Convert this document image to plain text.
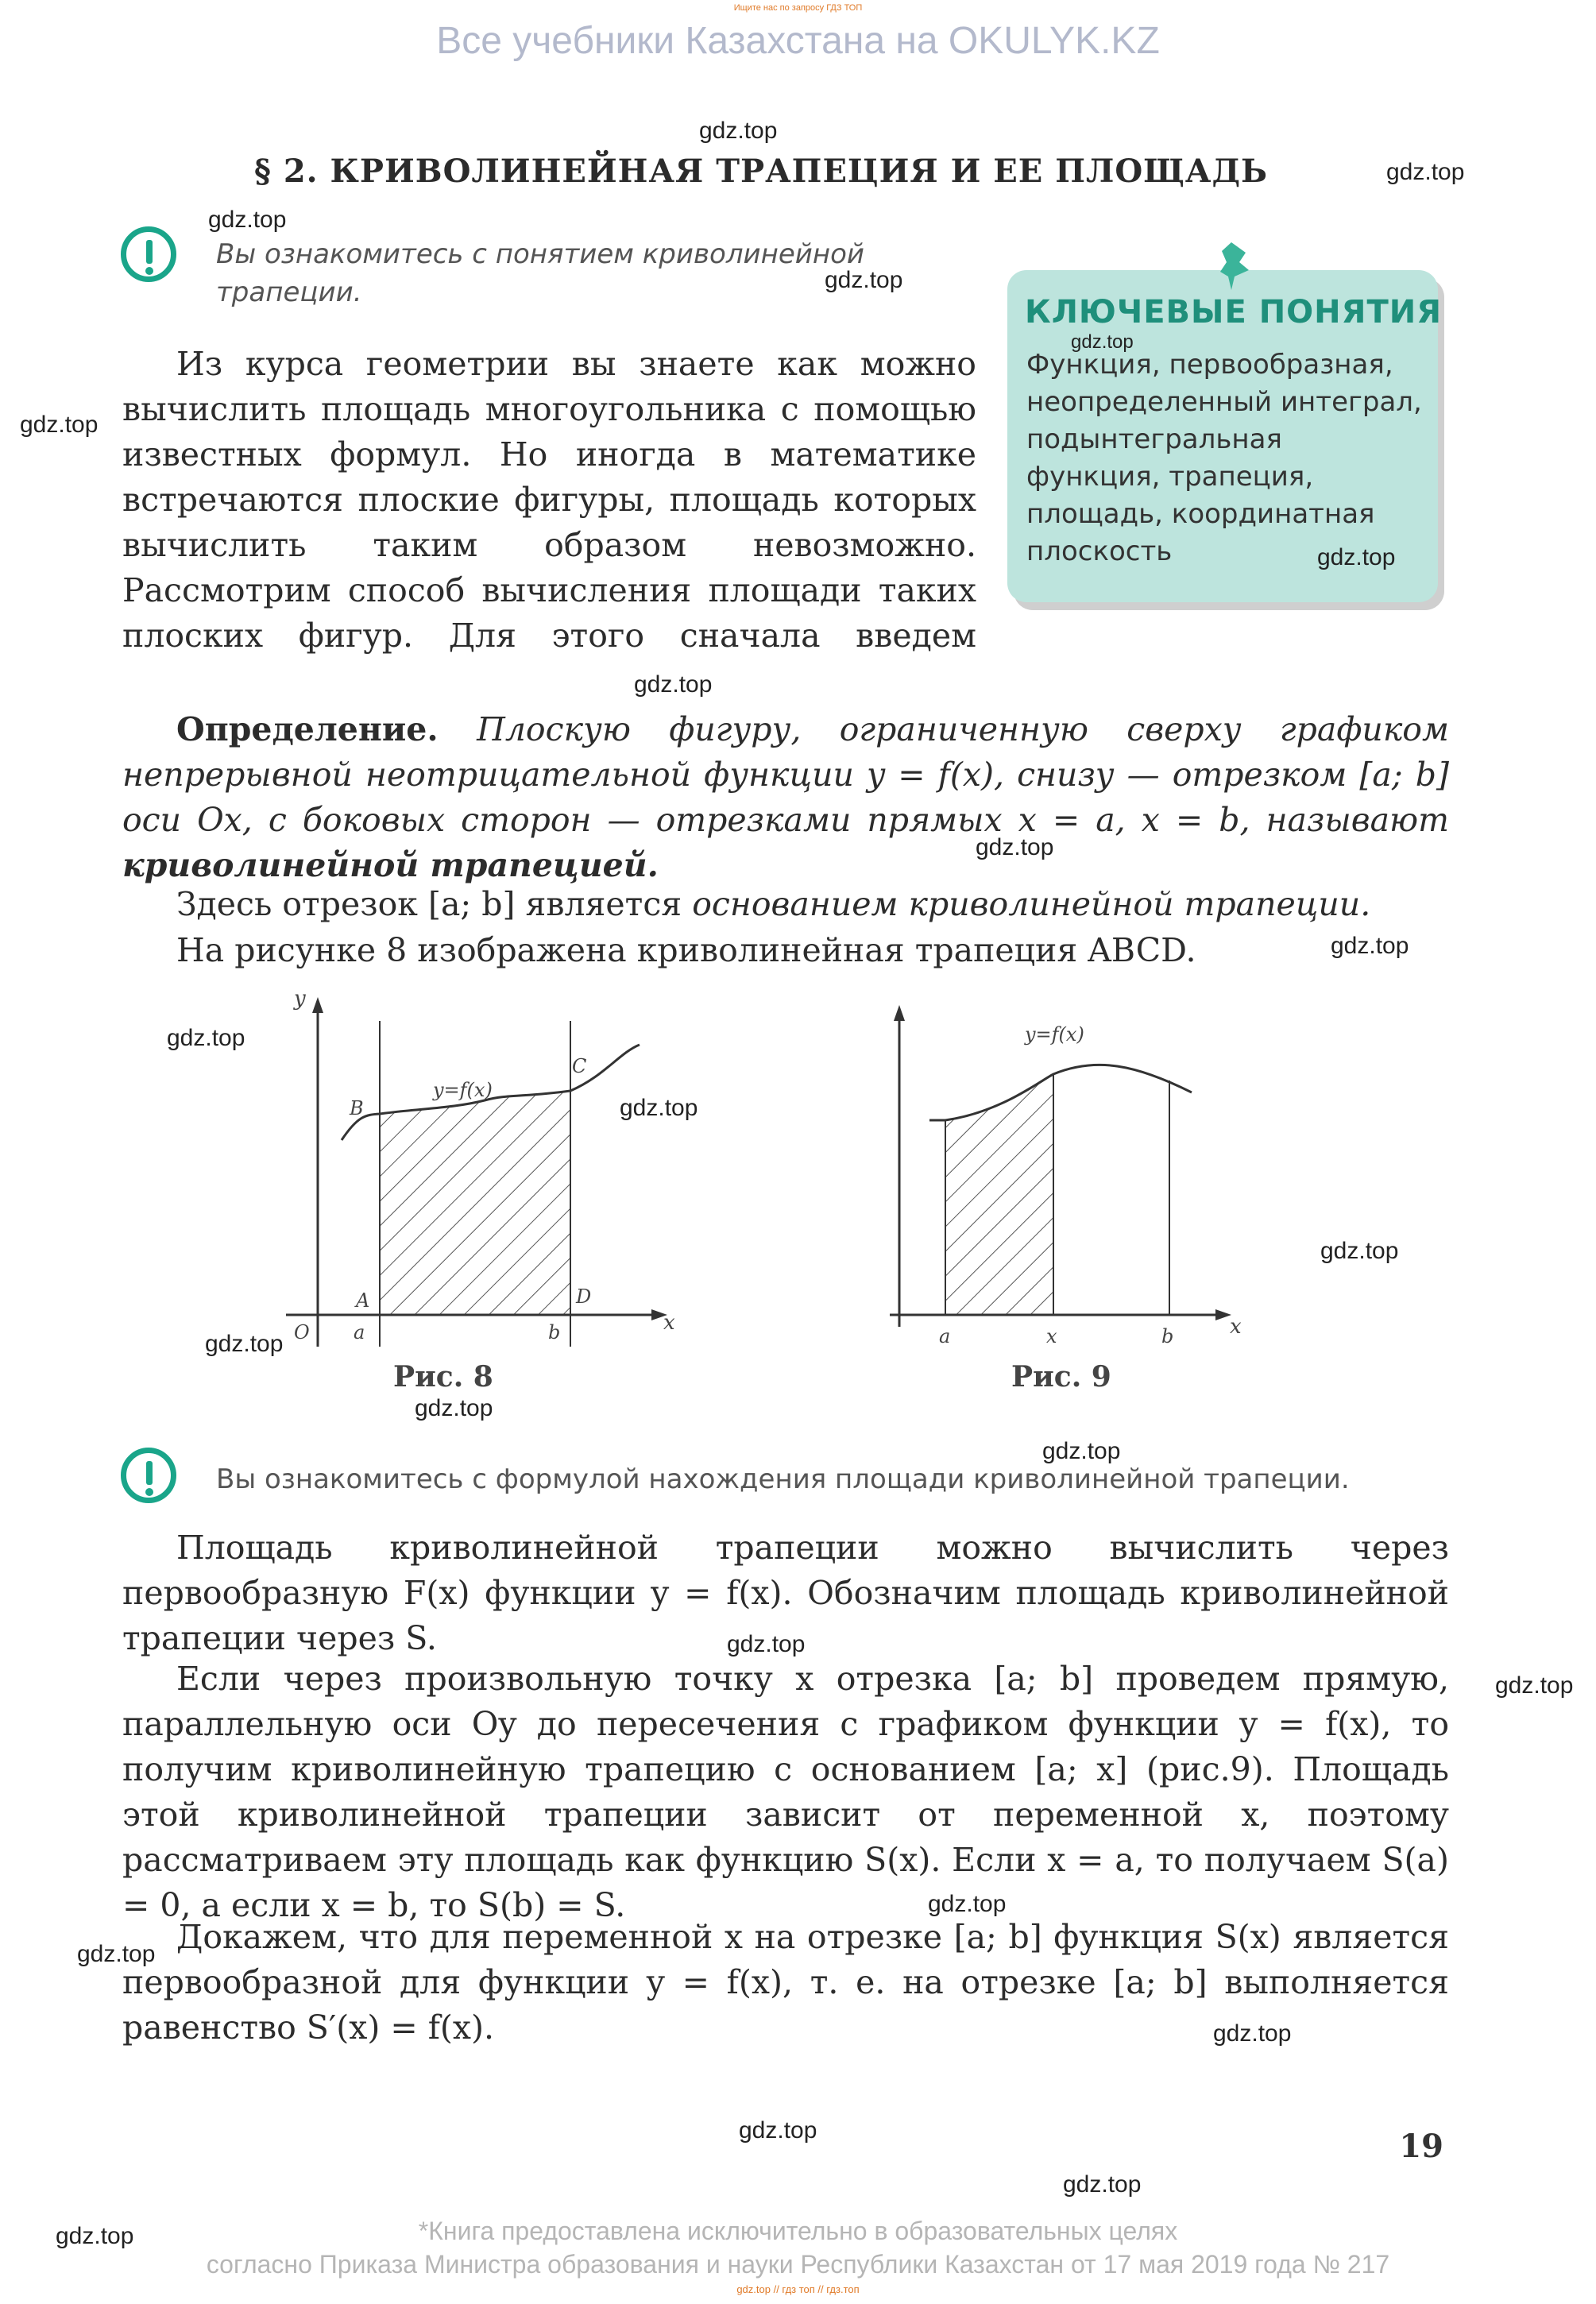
Ищите нас по запросу ГДЗ ТОП
Все учебники Казахстана на OKULYK.KZ
§ 2. КРИВОЛИНЕЙНАЯ ТРАПЕЦИЯ И ЕЕ ПЛОЩАДЬ
Вы ознакомитесь с понятием криволинейной трапеции.
КЛЮЧЕВЫЕ ПОНЯТИЯ
Функция, первообразная, неопределенный интеграл, подынтегральная функция, трапеция, площадь, координатная плоскость
Из курса геометрии вы знаете как можно вычислить площадь многоугольника с помощью известных формул. Но иногда в математике встречаются плоские фигуры, площадь которых вычислить таким образом невозможно. Рассмотрим способ вычисления площади таких плоских фигур. Для этого сначала введем
Определение. Плоскую фигуру, ограниченную сверху графиком непрерывной неотрицательной функции y = f(x), снизу — отрезком [a; b] оси Ox, с боковых сторон — отрезками прямых x = a, x = b, называют криволинейной трапецией.
Здесь отрезок [a; b] является основанием криволинейной трапеции.
На рисунке 8 изображена криволинейная трапеция ABCD.
y
x
y=f(x)
A
B
C
D
O a	b
Рис. 8
y=f(x)
a	x	b	x
Рис. 9
Вы ознакомитесь с формулой нахождения площади криволинейной трапеции.
Площадь криволинейной трапеции можно вычислить через первообразную F(x) функции y = f(x). Обозначим площадь криволинейной трапеции через S.
Если через произвольную точку x отрезка [a; b] проведем прямую, параллельную оси Oy до пересечения с графиком функции y = f(x), то получим криволинейную трапецию с основанием [a; x] (рис.9). Площадь этой криволинейной трапеции зависит от переменной x, поэтому рассматриваем эту площадь как функцию S(x). Если x = a, то получаем S(a) = 0, а если x = b, то S(b) = S.
Докажем, что для переменной x на отрезке [a; b] функция S(x) является первообразной для функции y = f(x), т. е. на отрезке [a; b] выполняется равенство S′(x) = f(x).
19
gdz.top
gdz.top
gdz.top
gdz.top
gdz.top
gdz.top
gdz.top
gdz.top
gdz.top
gdz.top
gdz.top
gdz.top
gdz.top
gdz.top
gdz.top
gdz.top
gdz.top
gdz.top
gdz.top
gdz.top
gdz.top
gdz.top
gdz.top
gdz.top	*Книга предоставлена исключительно в образовательных целях
согласно Приказа Министра образования и науки Республики Казахстан от 17 мая 2019 года № 217
gdz.top // гдз топ // гдз.топ
